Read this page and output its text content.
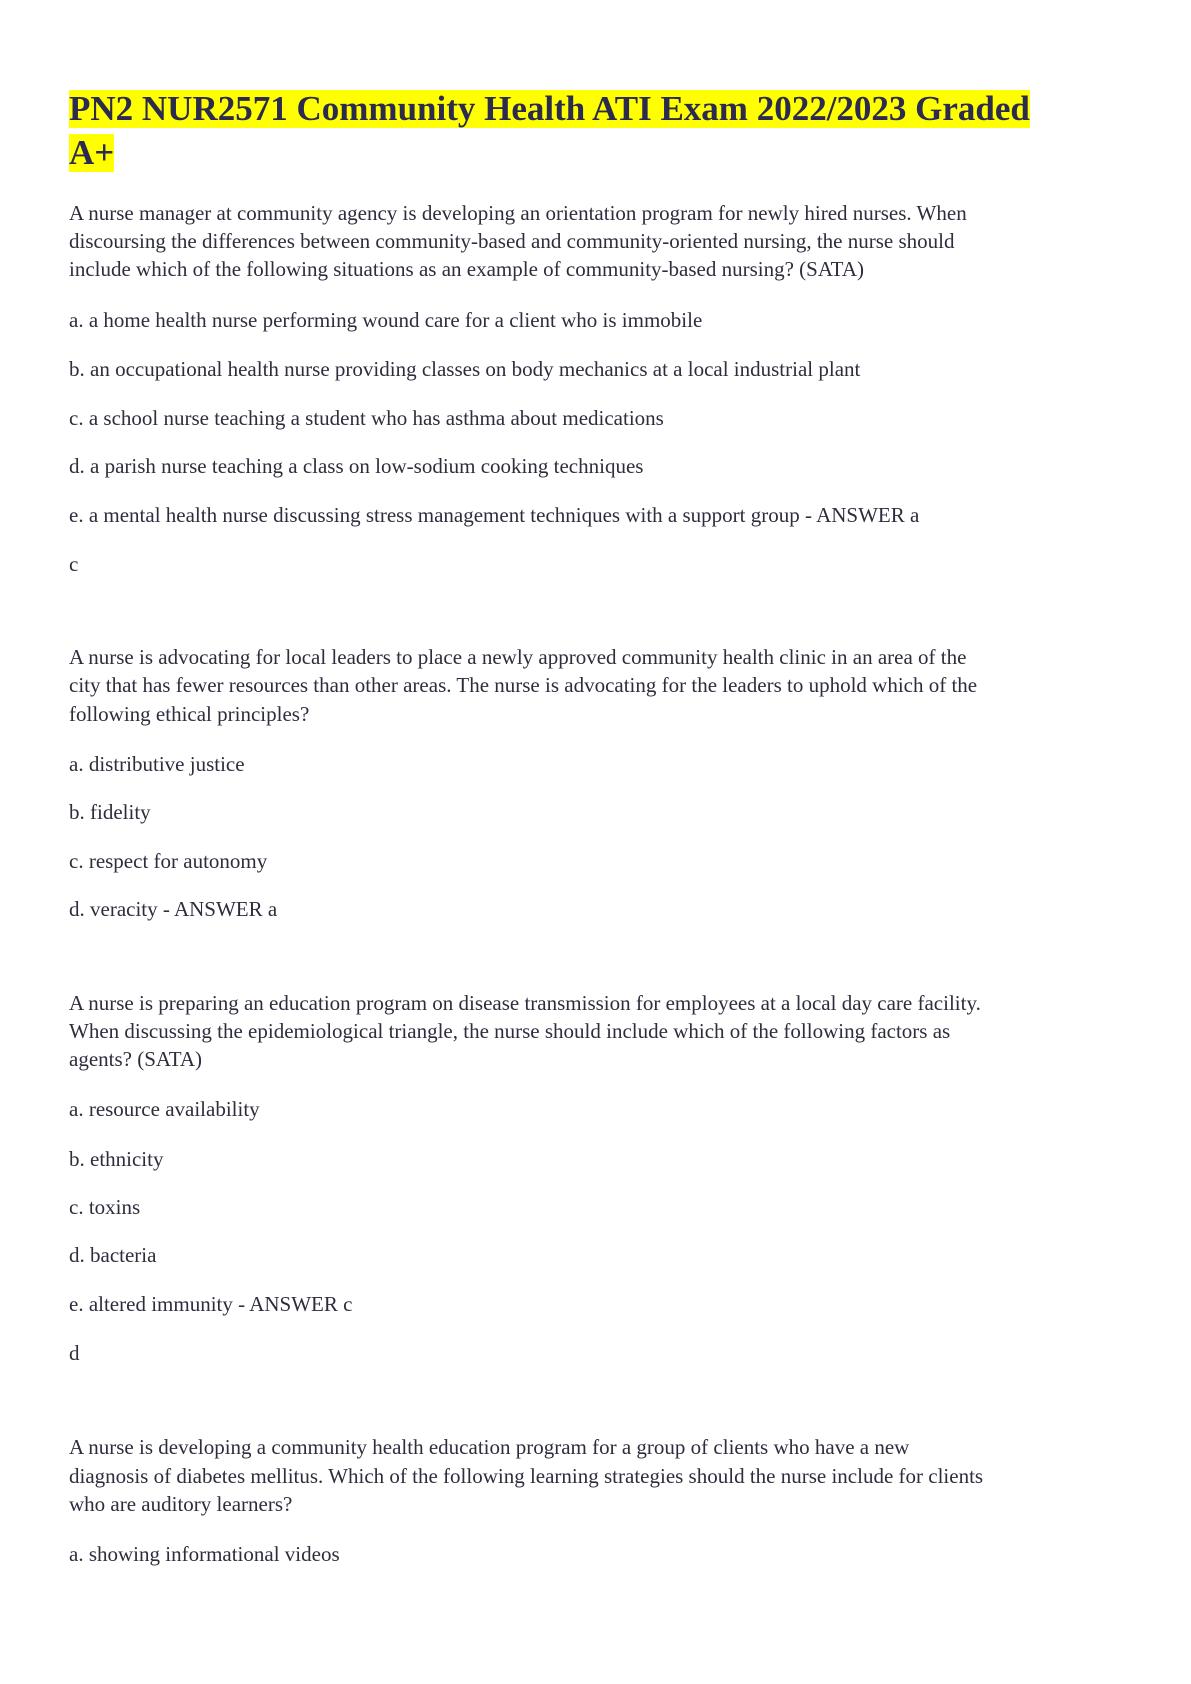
PN2 NUR2571 Community Health ATI Exam 2022/2023 Graded
A+
A nurse manager at community agency is developing an orientation program for newly hired nurses. When
discoursing the differences between community-based and community-oriented nursing, the nurse should
include which of the following situations as an example of community-based nursing? (SATA)
a. a home health nurse performing wound care for a client who is immobile
b. an occupational health nurse providing classes on body mechanics at a local industrial plant
c. a school nurse teaching a student who has asthma about medications
d. a parish nurse teaching a class on low-sodium cooking techniques
e. a mental health nurse discussing stress management techniques with a support group - ANSWER a
c
A nurse is advocating for local leaders to place a newly approved community health clinic in an area of the
city that has fewer resources than other areas. The nurse is advocating for the leaders to uphold which of the
following ethical principles?
a. distributive justice
b. fidelity
c. respect for autonomy
d. veracity - ANSWER a
A nurse is preparing an education program on disease transmission for employees at a local day care facility.
When discussing the epidemiological triangle, the nurse should include which of the following factors as
agents? (SATA)
a. resource availability
b. ethnicity
c. toxins
d. bacteria
e. altered immunity - ANSWER c
d
A nurse is developing a community health education program for a group of clients who have a new
diagnosis of diabetes mellitus. Which of the following learning strategies should the nurse include for clients
who are auditory learners?
a. showing informational videos
